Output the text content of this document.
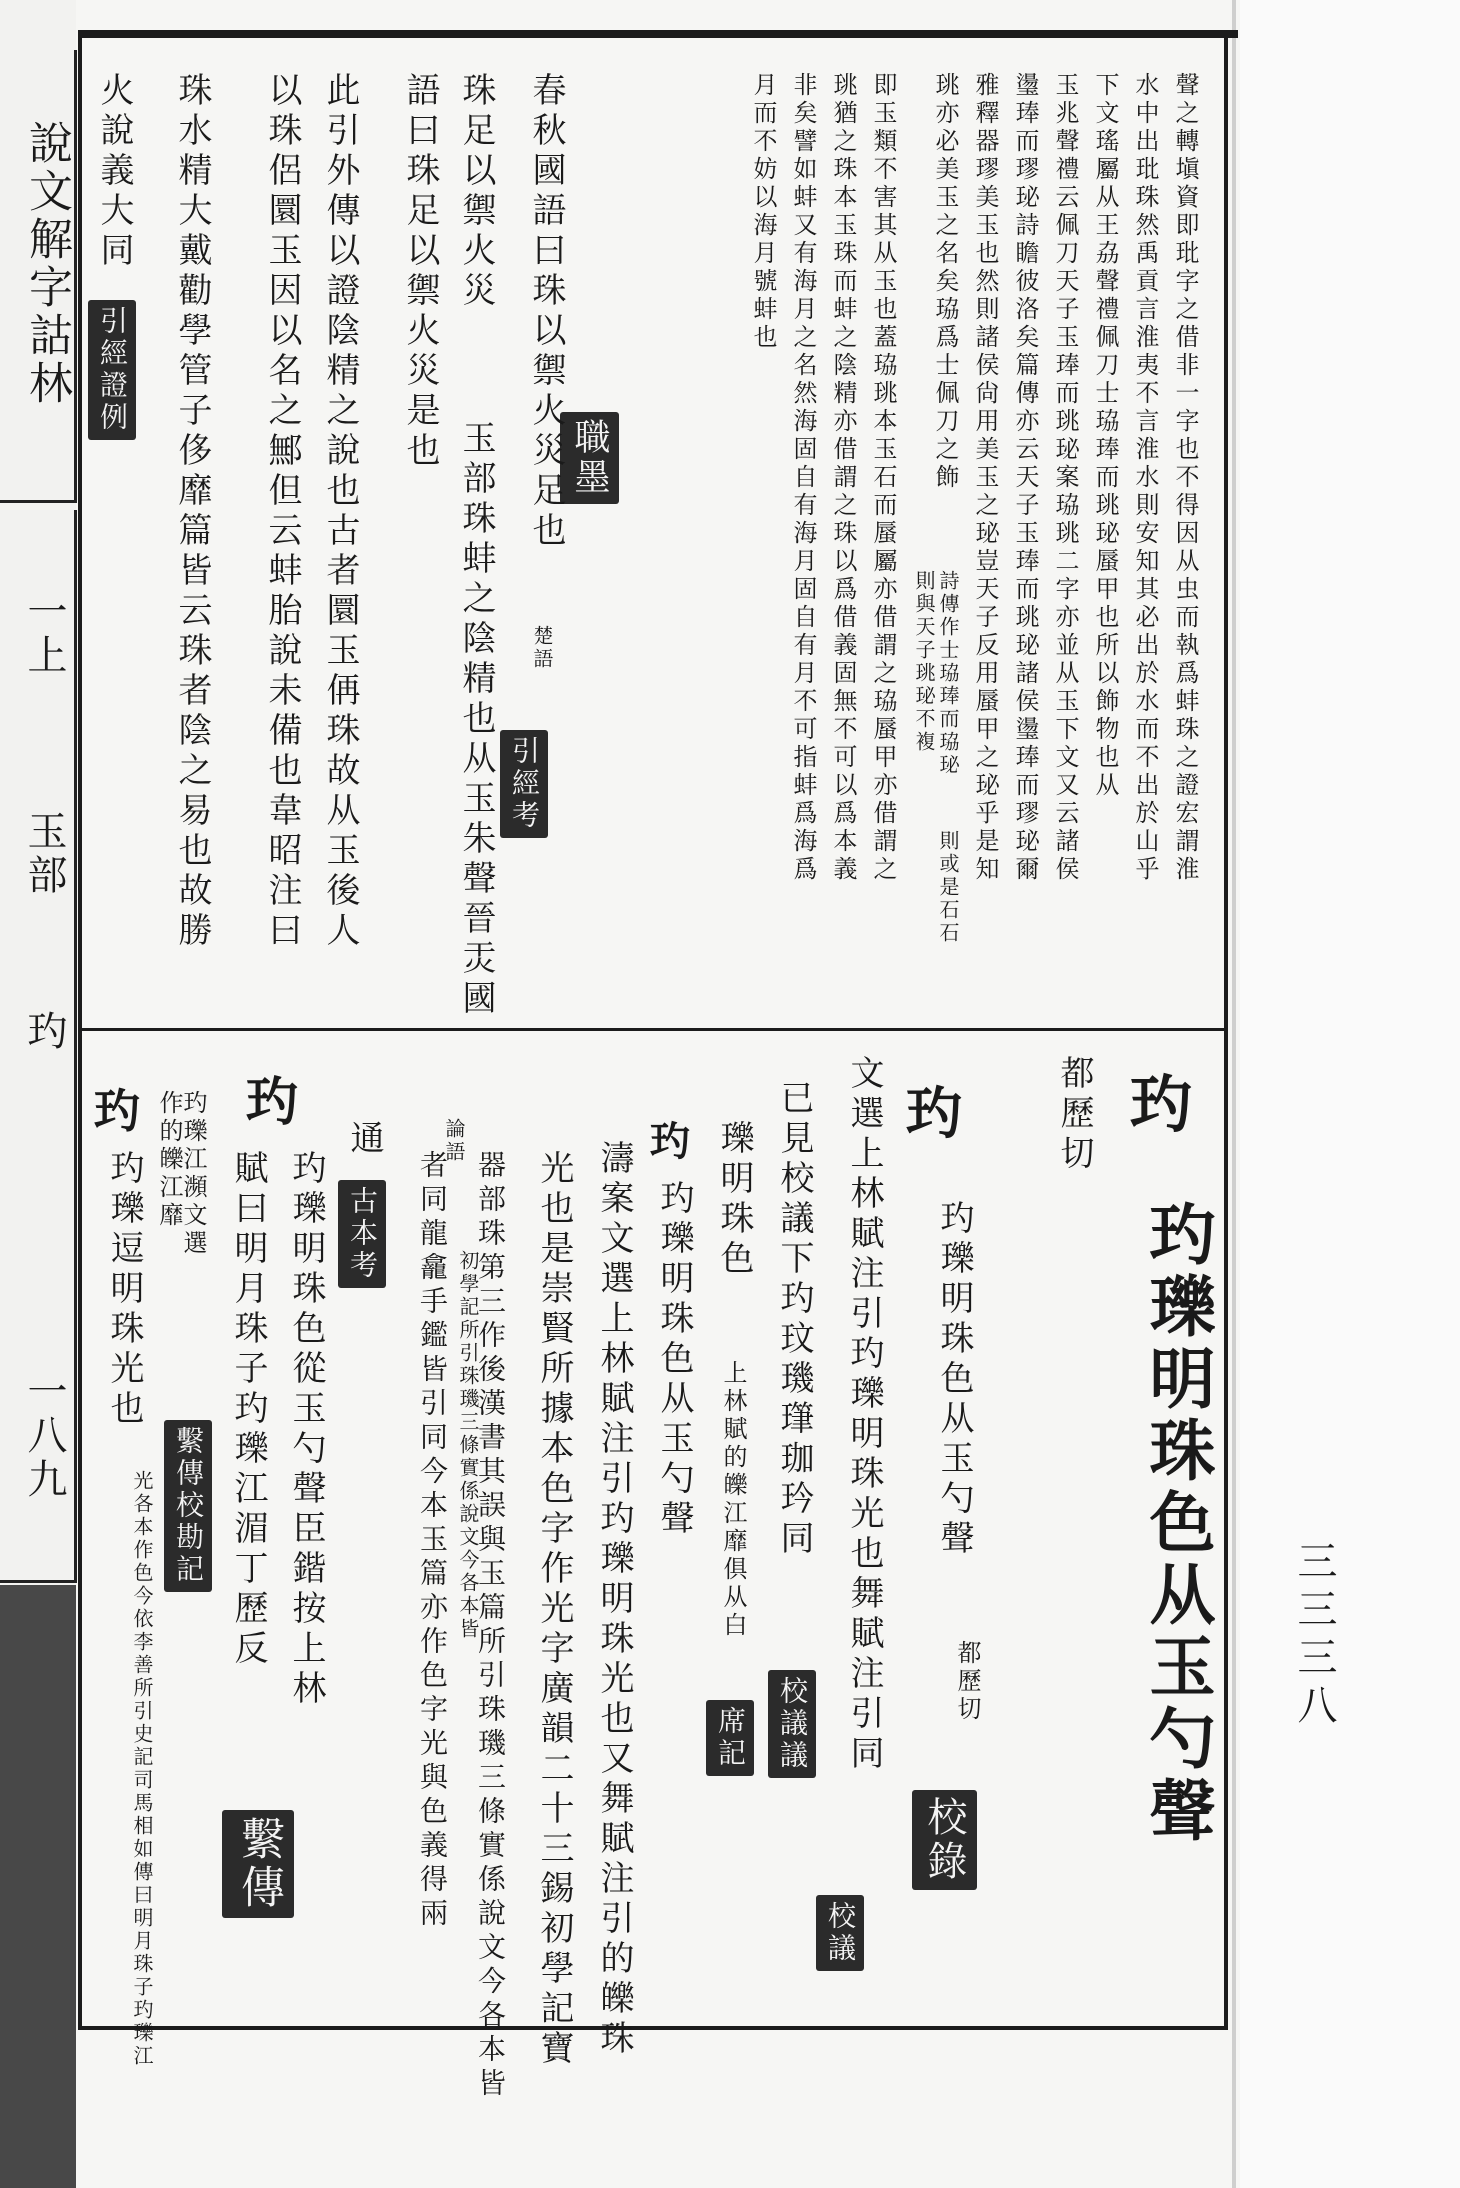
說文解字詁林
一上
玉部
玓
一八九
三三三八
聲之轉塡資即玭字之借非一字也不得因从虫而執爲蚌珠之證宏謂淮
水中出玭珠然禹貢言淮夷不言淮水則安知其必出於水而不出於山乎
下文瑤屬从王劦聲禮佩刀士珕琫而珧珌蜃甲也所以飾物也从
玉兆聲禮云佩刀天子玉琫而珧珌案珕珧二字亦並从玉下文又云諸侯
璗琫而璆珌詩瞻彼洛矣篇傳亦云天子玉琫而珧珌諸侯璗琫而璆珌爾
雅釋器璆美玉也然則諸侯尙用美玉之珌豈天子反用蜃甲之珌乎是知
珧亦必美玉之名矣珕爲士佩刀之飾
詩傳作士珕琫而珕珌
則或是石石
則與天子珧珌不複
即玉類不害其从玉也蓋珕珧本玉石而蜃屬亦借謂之珕蜃甲亦借謂之
珧猶之珠本玉珠而蚌之陰精亦借謂之珠以爲借義固無不可以爲本義
非矣譬如蚌又有海月之名然海固自有海月固自有月不可指蚌爲海爲
月而不妨以海月號蚌也
職墨
春秋國語曰珠以禦火災足也
楚語
引經考
珠足以禦火災
玉部珠蚌之陰精也从玉朱聲晉㶣國
語曰珠足以禦火災是也
此引外傳以證陰精之說也古者圜玉侢珠故从玉後人
以珠侶圜玉因以名之鄦但云蚌胎說未備也韋昭注曰
珠水精大戴勸學管子侈靡篇皆云珠者陰之易也故勝
火說義大同
引經證例
玓
玓瓅明珠色从玉勺聲
都歷切
玓
玓瓅明珠色从玉勺聲
都歷切
校錄
文選上林賦注引玓瓅明珠光也舞賦注引同
校議
已見校議下玓玟璣㻶珈玪同
校議議
瓅明珠色
上林賦的皪江靡俱从白
席記
玓
玓瓅明珠色从玉勺聲
濤案文選上林賦注引玓瓅明珠光也又舞賦注引的皪珠
光也是崇賢所據本色字作光字廣韻二十三錫初學記寶
器部珠第三作後漢書其誤與玉篇所引珠璣三條實係說文今各本皆
初學記所引珠璣三條實係說文今各本皆
者同龍龕手鑑皆引同今本玉篇亦作色字光與色義得兩
論語
古本考
通
玓
玓瓅明珠色從玉勺聲臣鍇按上林
賦曰明月珠子玓瓅江湄丁歷反
繫傳
玓瓅江瀕文選
作的皪江靡
繫傳校勘記
玓
玓瓅逗明珠光也
光各本作色今依李善所引史記司馬相如傳曰明月珠子玓瓅江
